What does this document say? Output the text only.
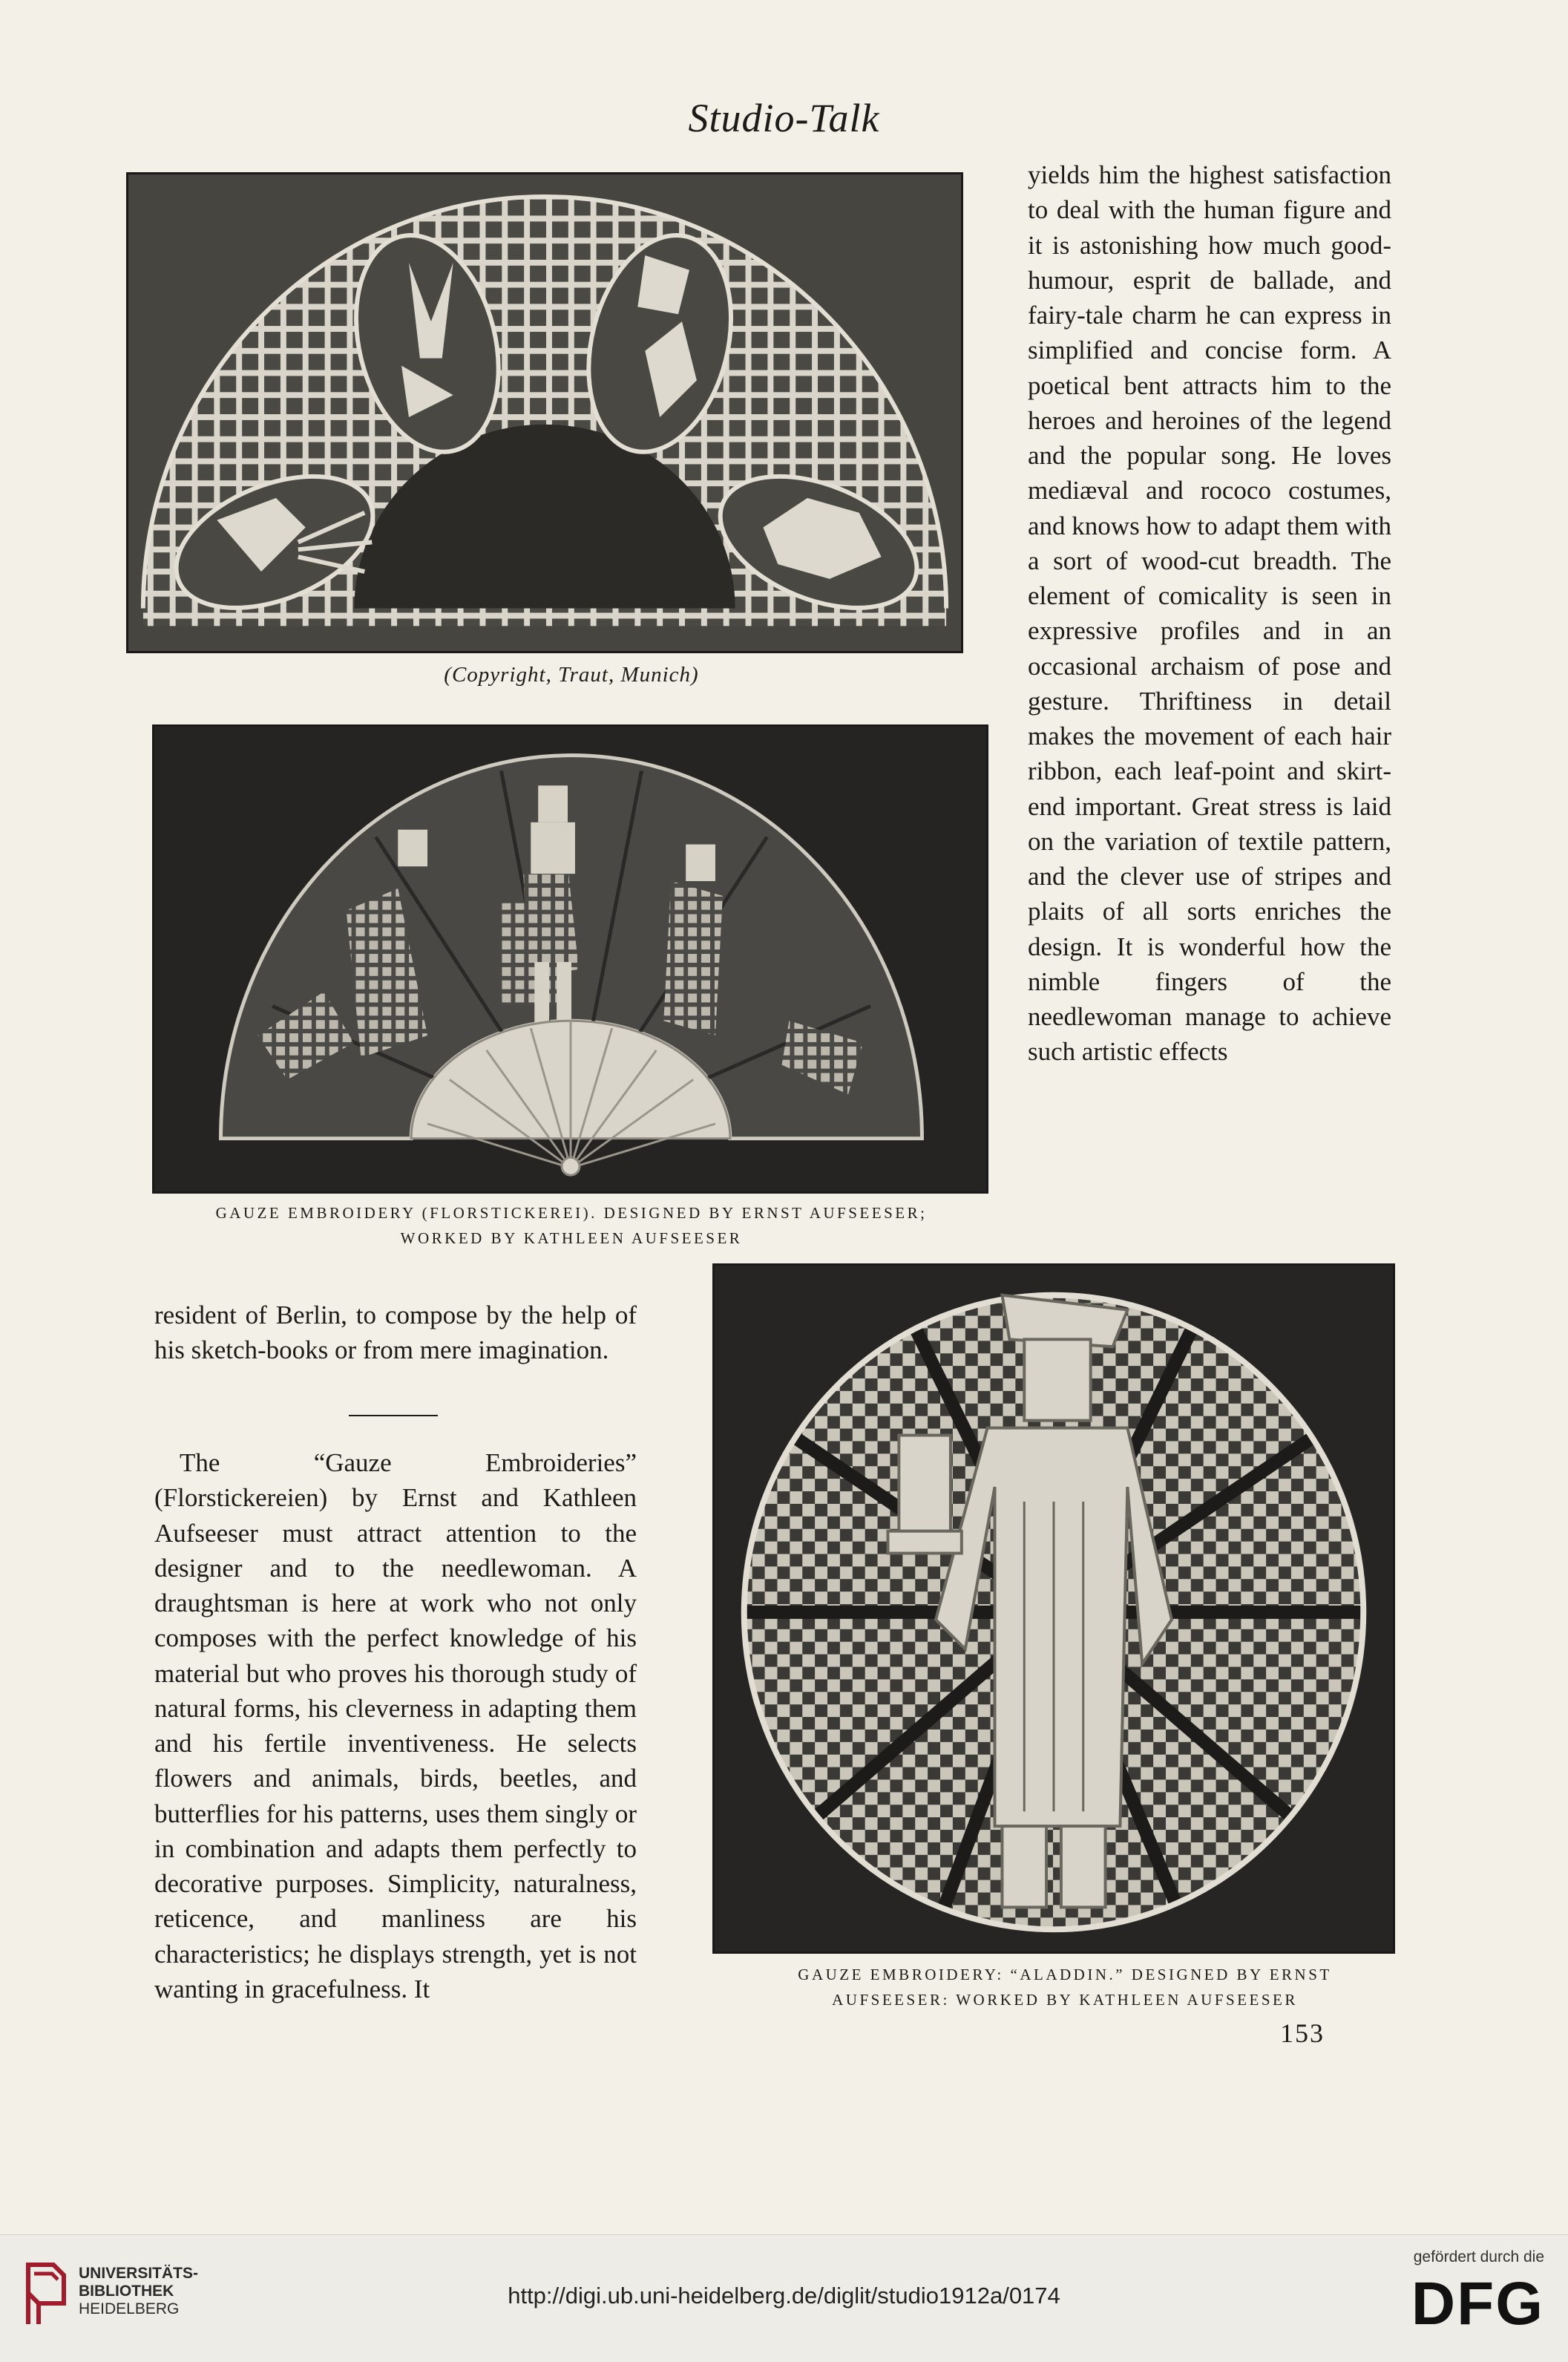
Studio-Talk
(Copyright, Traut, Munich)
GAUZE EMBROIDERY (FLORSTICKEREI). DESIGNED BY ERNST AUFSEESER;
WORKED BY KATHLEEN AUFSEESER
yields him the highest satisfaction to deal with the human figure and it is astonishing how much good-humour, esprit de ballade, and fairy-tale charm he can express in simplified and concise form. A poetical bent attracts him to the heroes and heroines of the legend and the popular song. He loves mediæval and rococo costumes, and knows how to adapt them with a sort of wood-cut breadth. The element of comicality is seen in expressive profiles and in an occasional archaism of pose and gesture. Thriftiness in detail makes the movement of each hair ribbon, each leaf-point and skirt-end important. Great stress is laid on the variation of textile pattern, and the clever use of stripes and plaits of all sorts enriches the design. It is wonderful how the nimble fingers of the needlewoman manage to achieve such artistic effects
GAUZE EMBROIDERY: “ALADDIN.” DESIGNED BY ERNST
AUFSEESER: WORKED BY KATHLEEN AUFSEESER

resident of Berlin, to compose by the help of his sketch-books or from mere imagination.

The “Gauze Embroideries” (Florstickereien) by Ernst and Kathleen Aufseeser must attract attention to the designer and to the needlewoman. A draughtsman is here at work who not only composes with the perfect knowledge of his material but who proves his thorough study of natural forms, his cleverness in adapting them and his fertile inventiveness. He selects flowers and animals, birds, beetles, and butterflies for his patterns, uses them singly or in combination and adapts them perfectly to decorative purposes. Simplicity, naturalness, reticence, and manliness are his characteristics; he displays strength, yet is not wanting in gracefulness. It

153
UNIVERSITÄTS-
BIBLIOTHEK
HEIDELBERG
http://digi.ub.uni-heidelberg.de/diglit/studio1912a/0174
gefördert durch die
DFG
